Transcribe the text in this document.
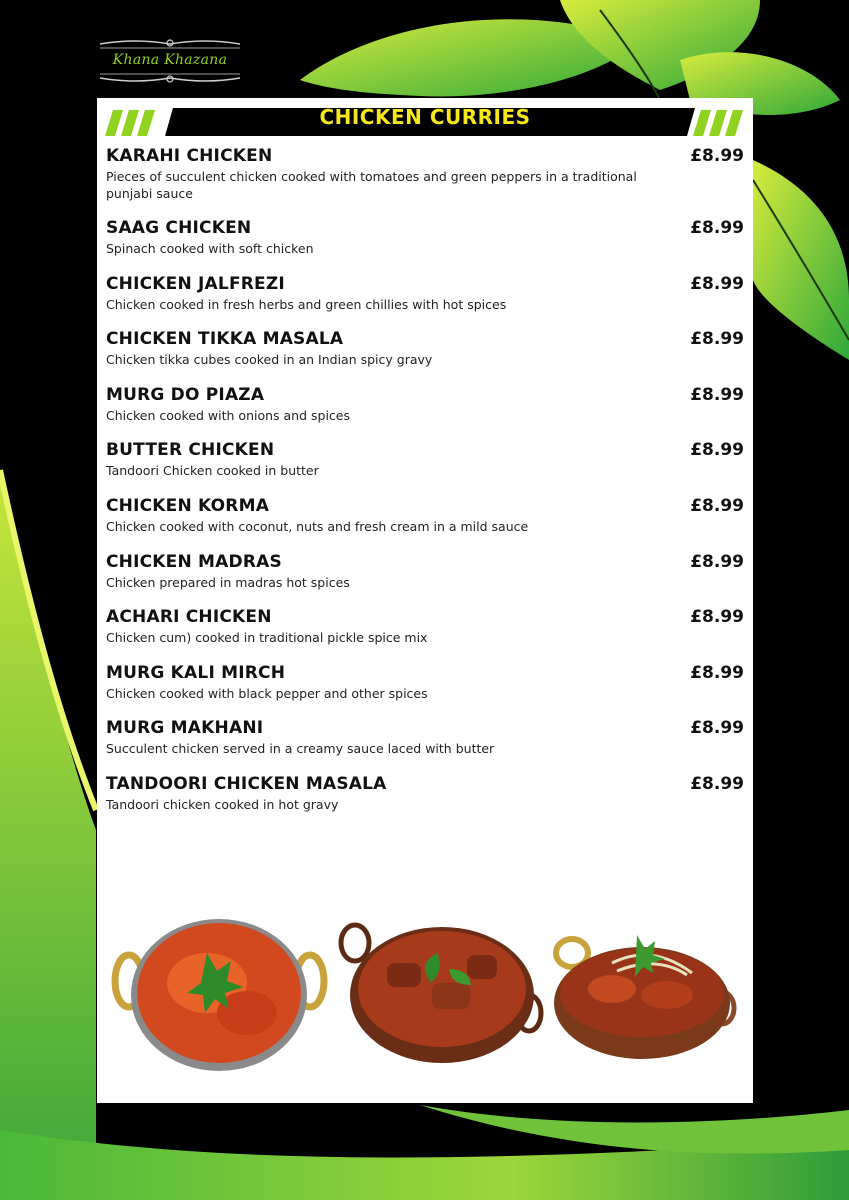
Khana Khazana
CHICKEN CURRIES
KARAHI CHICKEN	£8.99
Pieces of succulent chicken cooked with tomatoes and green peppers in a traditional punjabi sauce
SAAG CHICKEN	£8.99
Spinach cooked with soft chicken
CHICKEN JALFREZI	£8.99
Chicken cooked in fresh herbs and green chillies with hot spices
CHICKEN TIKKA MASALA	£8.99
Chicken tikka cubes cooked in an Indian spicy gravy
MURG DO PIAZA	£8.99
Chicken cooked with onions and spices
BUTTER CHICKEN	£8.99
Tandoori Chicken cooked in butter
CHICKEN KORMA	£8.99
Chicken cooked with coconut, nuts and fresh cream in a mild sauce
CHICKEN MADRAS	£8.99
Chicken prepared in madras hot spices
ACHARI CHICKEN	£8.99
Chicken cum) cooked in traditional pickle spice mix
MURG KALI MIRCH	£8.99
Chicken cooked with black pepper and other spices
MURG MAKHANI	£8.99
Succulent chicken served in a creamy sauce laced with butter
TANDOORI CHICKEN MASALA	£8.99
Tandoori chicken cooked in hot gravy
